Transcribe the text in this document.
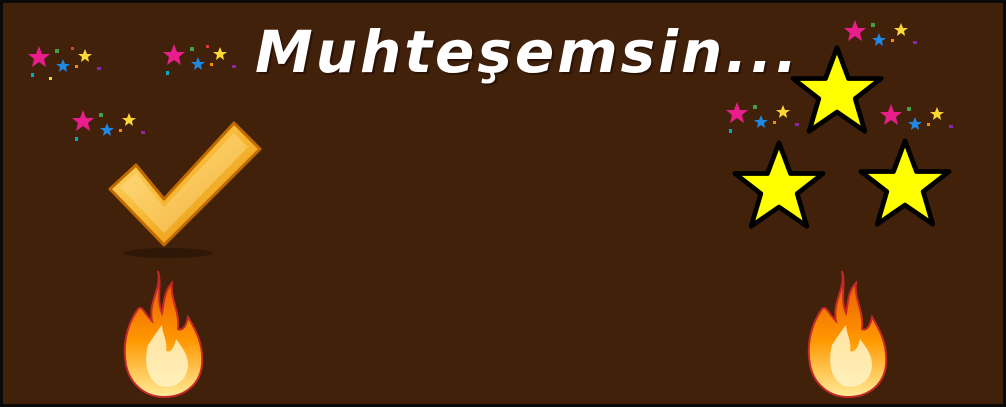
Muhteşemsin...
